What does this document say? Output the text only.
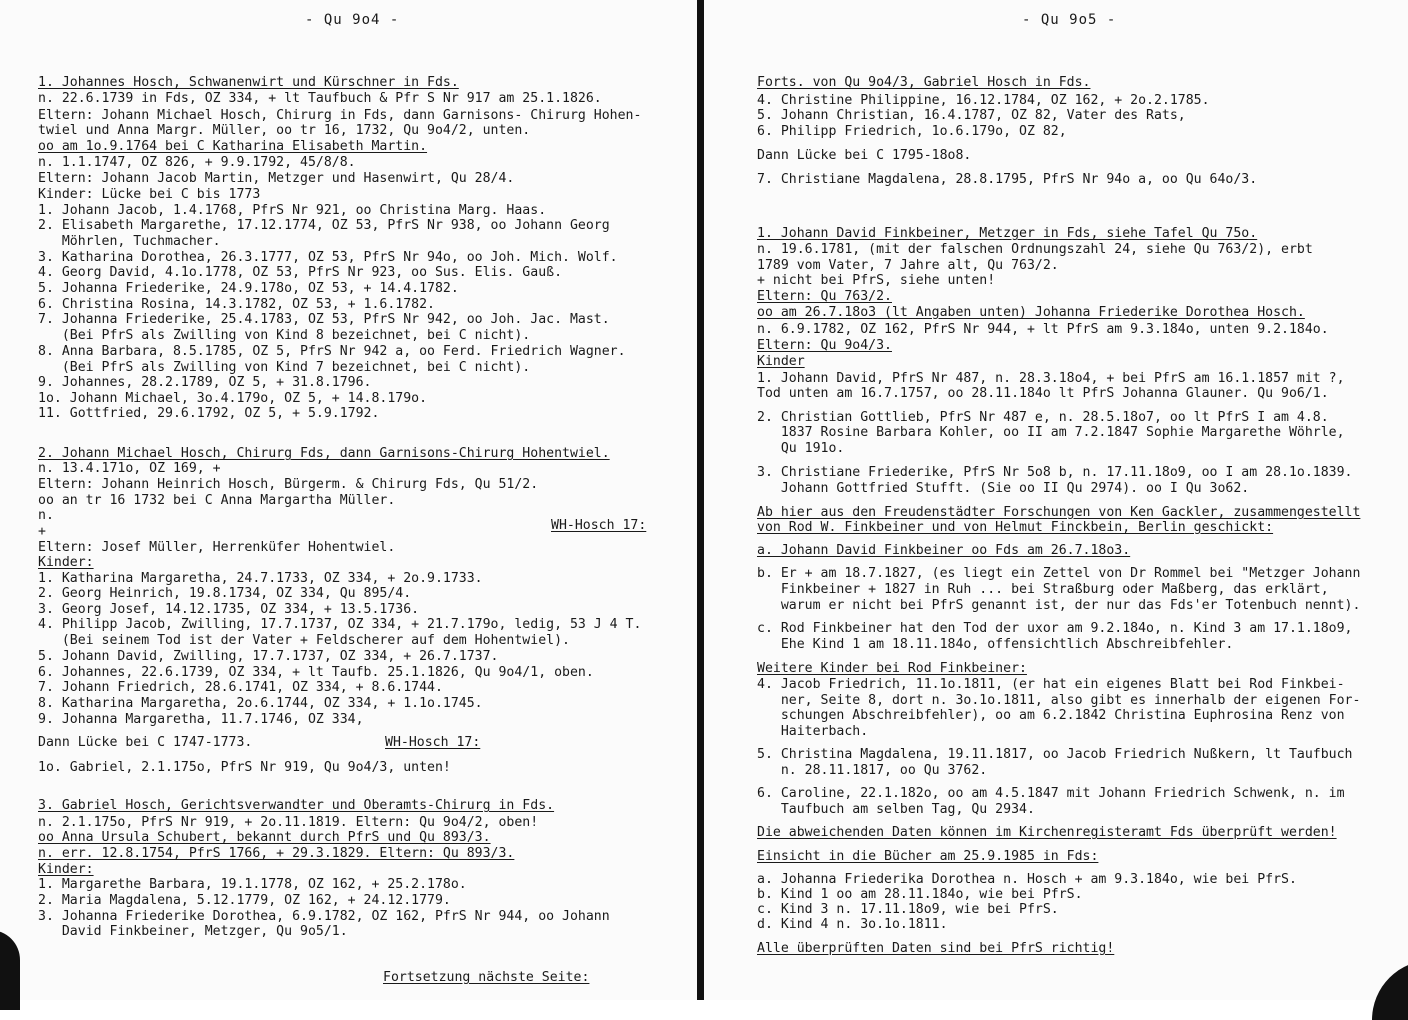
- Qu 9o4 -
1. Johannes Hosch, Schwanenwirt und Kürschner in Fds.
n. 22.6.1739 in Fds, OZ 334, + lt Taufbuch & Pfr S Nr 917 am 25.1.1826.
Eltern: Johann Michael Hosch, Chirurg in Fds, dann Garnisons- Chirurg Hohen-
twiel und Anna Margr. Müller, oo tr 16, 1732, Qu 9o4/2, unten.
oo am 1o.9.1764 bei C Katharina Elisabeth Martin.
n. 1.1.1747, OZ 826, + 9.9.1792, 45/8/8.
Eltern: Johann Jacob Martin, Metzger und Hasenwirt, Qu 28/4.
Kinder: Lücke bei C bis 1773
1. Johann Jacob, 1.4.1768, PfrS Nr 921, oo Christina Marg. Haas.
2. Elisabeth Margarethe, 17.12.1774, OZ 53, PfrS Nr 938, oo Johann Georg
Möhrlen, Tuchmacher.
3. Katharina Dorothea, 26.3.1777, OZ 53, PfrS Nr 94o, oo Joh. Mich. Wolf.
4. Georg David, 4.1o.1778, OZ 53, PfrS Nr 923, oo Sus. Elis. Gauß.
5. Johanna Friederike, 24.9.178o, OZ 53, + 14.4.1782.
6. Christina Rosina, 14.3.1782, OZ 53, + 1.6.1782.
7. Johanna Friederike, 25.4.1783, OZ 53, PfrS Nr 942, oo Joh. Jac. Mast.
(Bei PfrS als Zwilling von Kind 8 bezeichnet, bei C nicht).
8. Anna Barbara, 8.5.1785, OZ 5, PfrS Nr 942 a, oo Ferd. Friedrich Wagner.
(Bei PfrS als Zwilling von Kind 7 bezeichnet, bei C nicht).
9. Johannes, 28.2.1789, OZ 5, + 31.8.1796.
1o. Johann Michael, 3o.4.179o, OZ 5, + 14.8.179o.
11. Gottfried, 29.6.1792, OZ 5, + 5.9.1792.
2. Johann Michael Hosch, Chirurg Fds, dann Garnisons-Chirurg Hohentwiel.
n. 13.4.171o, OZ 169, +
Eltern: Johann Heinrich Hosch, Bürgerm. & Chirurg Fds, Qu 51/2.
oo an tr 16 1732 bei C Anna Margartha Müller.
n.
+	WH-Hosch 17:
Eltern: Josef Müller, Herrenküfer Hohentwiel.
Kinder:
1. Katharina Margaretha, 24.7.1733, OZ 334, + 2o.9.1733.
2. Georg Heinrich, 19.8.1734, OZ 334, Qu 895/4.
3. Georg Josef, 14.12.1735, OZ 334, + 13.5.1736.
4. Philipp Jacob, Zwilling, 17.7.1737, OZ 334, + 21.7.179o, ledig, 53 J 4 T.
(Bei seinem Tod ist der Vater + Feldscherer auf dem Hohentwiel).
5. Johann David, Zwilling, 17.7.1737, OZ 334, + 26.7.1737.
6. Johannes, 22.6.1739, OZ 334, + lt Taufb. 25.1.1826, Qu 9o4/1, oben.
7. Johann Friedrich, 28.6.1741, OZ 334, + 8.6.1744.
8. Katharina Margaretha, 2o.6.1744, OZ 334, + 1.1o.1745.
9. Johanna Margaretha, 11.7.1746, OZ 334,
Dann Lücke bei C 1747-1773.	WH-Hosch 17:
1o. Gabriel, 2.1.175o, PfrS Nr 919, Qu 9o4/3, unten!
3. Gabriel Hosch, Gerichtsverwandter und Oberamts-Chirurg in Fds.
n. 2.1.175o, PfrS Nr 919, + 2o.11.1819. Eltern: Qu 9o4/2, oben!
oo Anna Ursula Schubert, bekannt durch PfrS und Qu 893/3.
n. err. 12.8.1754, PfrS 1766, + 29.3.1829. Eltern: Qu 893/3.
Kinder:
1. Margarethe Barbara, 19.1.1778, OZ 162, + 25.2.178o.
2. Maria Magdalena, 5.12.1779, OZ 162, + 24.12.1779.
3. Johanna Friederike Dorothea, 6.9.1782, OZ 162, PfrS Nr 944, oo Johann
David Finkbeiner, Metzger, Qu 9o5/1.
Fortsetzung nächste Seite:
- Qu 9o5 -
Forts. von Qu 9o4/3, Gabriel Hosch in Fds.
4. Christine Philippine, 16.12.1784, OZ 162, + 2o.2.1785.
5. Johann Christian, 16.4.1787, OZ 82, Vater des Rats,
6. Philipp Friedrich, 1o.6.179o, OZ 82,
Dann Lücke bei C 1795-18o8.
7. Christiane Magdalena, 28.8.1795, PfrS Nr 94o a, oo Qu 64o/3.
1. Johann David Finkbeiner, Metzger in Fds, siehe Tafel Qu 75o.
n. 19.6.1781, (mit der falschen Ordnungszahl 24, siehe Qu 763/2), erbt
1789 vom Vater, 7 Jahre alt, Qu 763/2.
+ nicht bei PfrS, siehe unten!
Eltern: Qu 763/2.
oo am 26.7.18o3 (lt Angaben unten) Johanna Friederike Dorothea Hosch.
n. 6.9.1782, OZ 162, PfrS Nr 944, + lt PfrS am 9.3.184o, unten 9.2.184o.
Eltern: Qu 9o4/3.
Kinder
1. Johann David, PfrS Nr 487, n. 28.3.18o4, + bei PfrS am 16.1.1857 mit ?,
Tod unten am 16.7.1757, oo 28.11.184o lt PfrS Johanna Glauner. Qu 9o6/1.
2. Christian Gottlieb, PfrS Nr 487 e, n. 28.5.18o7, oo lt PfrS I am 4.8.
1837 Rosine Barbara Kohler, oo II am 7.2.1847 Sophie Margarethe Wöhrle,
Qu 191o.
3. Christiane Friederike, PfrS Nr 5o8 b, n. 17.11.18o9, oo I am 28.1o.1839.
Johann Gottfried Stufft. (Sie oo II Qu 2974). oo I Qu 3o62.
Ab hier aus den Freudenstädter Forschungen von Ken Gackler, zusammengestellt
von Rod W. Finkbeiner und von Helmut Finckbein, Berlin geschickt:
a. Johann David Finkbeiner oo Fds am 26.7.18o3.
b. Er + am 18.7.1827, (es liegt ein Zettel von Dr Rommel bei "Metzger Johann
Finkbeiner + 1827 in Ruh ... bei Straßburg oder Maßberg, das erklärt,
warum er nicht bei PfrS genannt ist, der nur das Fds'er Totenbuch nennt).
c. Rod Finkbeiner hat den Tod der uxor am 9.2.184o, n. Kind 3 am 17.1.18o9,
Ehe Kind 1 am 18.11.184o, offensichtlich Abschreibfehler.
Weitere Kinder bei Rod Finkbeiner:
4. Jacob Friedrich, 11.1o.1811, (er hat ein eigenes Blatt bei Rod Finkbei-
ner, Seite 8, dort n. 3o.1o.1811, also gibt es innerhalb der eigenen For-
schungen Abschreibfehler), oo am 6.2.1842 Christina Euphrosina Renz von
Haiterbach.
5. Christina Magdalena, 19.11.1817, oo Jacob Friedrich Nußkern, lt Taufbuch
n. 28.11.1817, oo Qu 3762.
6. Caroline, 22.1.182o, oo am 4.5.1847 mit Johann Friedrich Schwenk, n. im
Taufbuch am selben Tag, Qu 2934.
Die abweichenden Daten können im Kirchenregisteramt Fds überprüft werden!
Einsicht in die Bücher am 25.9.1985 in Fds:
a. Johanna Friederika Dorothea n. Hosch + am 9.3.184o, wie bei PfrS.
b. Kind 1 oo am 28.11.184o, wie bei PfrS.
c. Kind 3 n. 17.11.18o9, wie bei PfrS.
d. Kind 4 n. 3o.1o.1811.
Alle überprüften Daten sind bei PfrS richtig!
